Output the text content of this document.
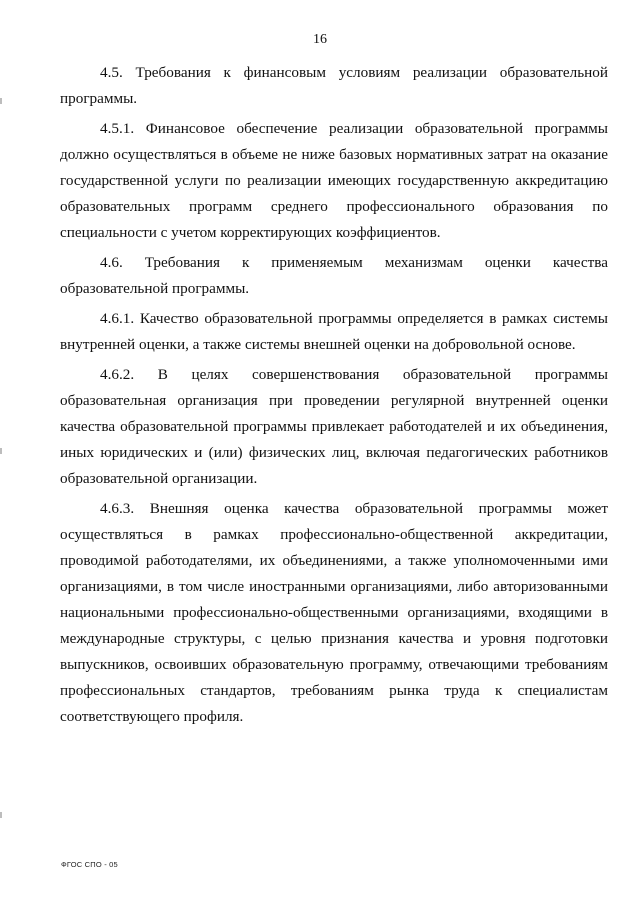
16

4.5. Требования к финансовым условиям реализации образовательной программы.

4.5.1. Финансовое обеспечение реализации образовательной программы должно осуществляться в объеме не ниже базовых нормативных затрат на оказание государственной услуги по реализации имеющих государственную аккредитацию образовательных программ среднего профессионального образования по специальности с учетом корректирующих коэффициентов.

4.6. Требования к применяемым механизмам оценки качества образовательной программы.

4.6.1. Качество образовательной программы определяется в рамках системы внутренней оценки, а также системы внешней оценки на добровольной основе.

4.6.2. В целях совершенствования образовательной программы образовательная организация при проведении регулярной внутренней оценки качества образовательной программы привлекает работодателей и их объединения, иных юридических и (или) физических лиц, включая педагогических работников образовательной организации.

4.6.3. Внешняя оценка качества образовательной программы может осуществляться в рамках профессионально-общественной аккредитации, проводимой работодателями, их объединениями, а также уполномоченными ими организациями, в том числе иностранными организациями, либо авторизованными национальными профессионально-общественными организациями, входящими в международные структуры, с целью признания качества и уровня подготовки выпускников, освоивших образовательную программу, отвечающими требованиям профессиональных стандартов, требованиям рынка труда к специалистам соответствующего профиля.

ФГОС СПО - 05
